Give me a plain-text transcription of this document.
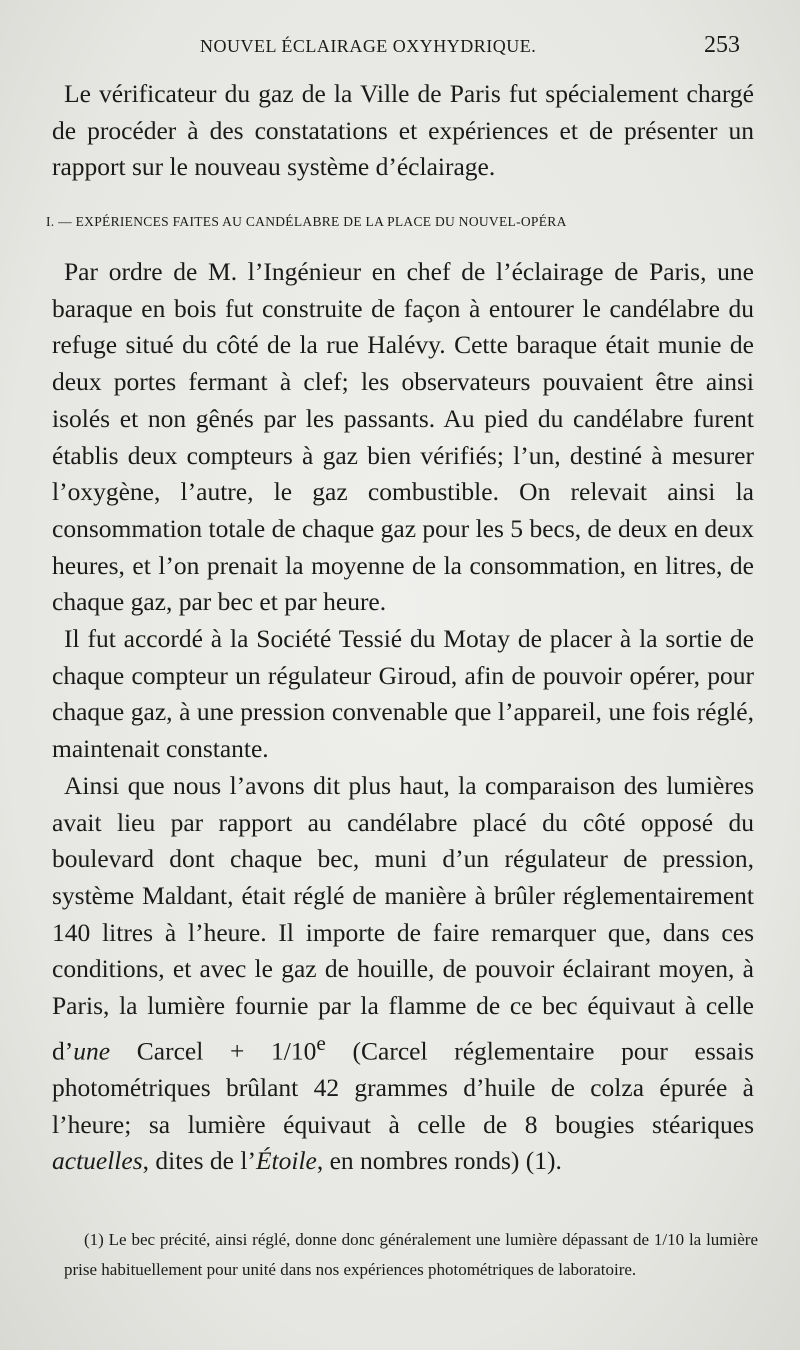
NOUVEL ÉCLAIRAGE OXYHYDRIQUE.	253

Le vérificateur du gaz de la Ville de Paris fut spécialement chargé de procéder à des constatations et expériences et de présenter un rapport sur le nouveau système d’éclairage.

I. — EXPÉRIENCES FAITES AU CANDÉLABRE DE LA PLACE DU NOUVEL-OPÉRA

Par ordre de M. l’Ingénieur en chef de l’éclairage de Paris, une baraque en bois fut construite de façon à entourer le candélabre du refuge situé du côté de la rue Halévy. Cette baraque était munie de deux portes fermant à clef; les observateurs pouvaient être ainsi isolés et non gênés par les passants. Au pied du candélabre furent établis deux compteurs à gaz bien vérifiés; l’un, destiné à mesurer l’oxygène, l’autre, le gaz combustible. On relevait ainsi la consommation totale de chaque gaz pour les 5 becs, de deux en deux heures, et l’on prenait la moyenne de la consommation, en litres, de chaque gaz, par bec et par heure.

Il fut accordé à la Société Tessié du Motay de placer à la sortie de chaque compteur un régulateur Giroud, afin de pouvoir opérer, pour chaque gaz, à une pression convenable que l’appareil, une fois réglé, maintenait constante.

Ainsi que nous l’avons dit plus haut, la comparaison des lumières avait lieu par rapport au candélabre placé du côté opposé du boulevard dont chaque bec, muni d’un régulateur de pression, système Maldant, était réglé de manière à brûler réglementairement 140 litres à l’heure. Il importe de faire remarquer que, dans ces conditions, et avec le gaz de houille, de pouvoir éclairant moyen, à Paris, la lumière fournie par la flamme de ce bec équivaut à celle d’une Carcel + $1/10^e$ (Carcel réglementaire pour essais photométriques brûlant 42 grammes d’huile de colza épurée à l’heure; sa lumière équivaut à celle de 8 bougies stéariques actuelles, dites de l’Étoile, en nombres ronds) (1).

(1) Le bec précité, ainsi réglé, donne donc généralement une lumière dépassant de 1/10 la lumière prise habituellement pour unité dans nos expériences photométriques de laboratoire.
